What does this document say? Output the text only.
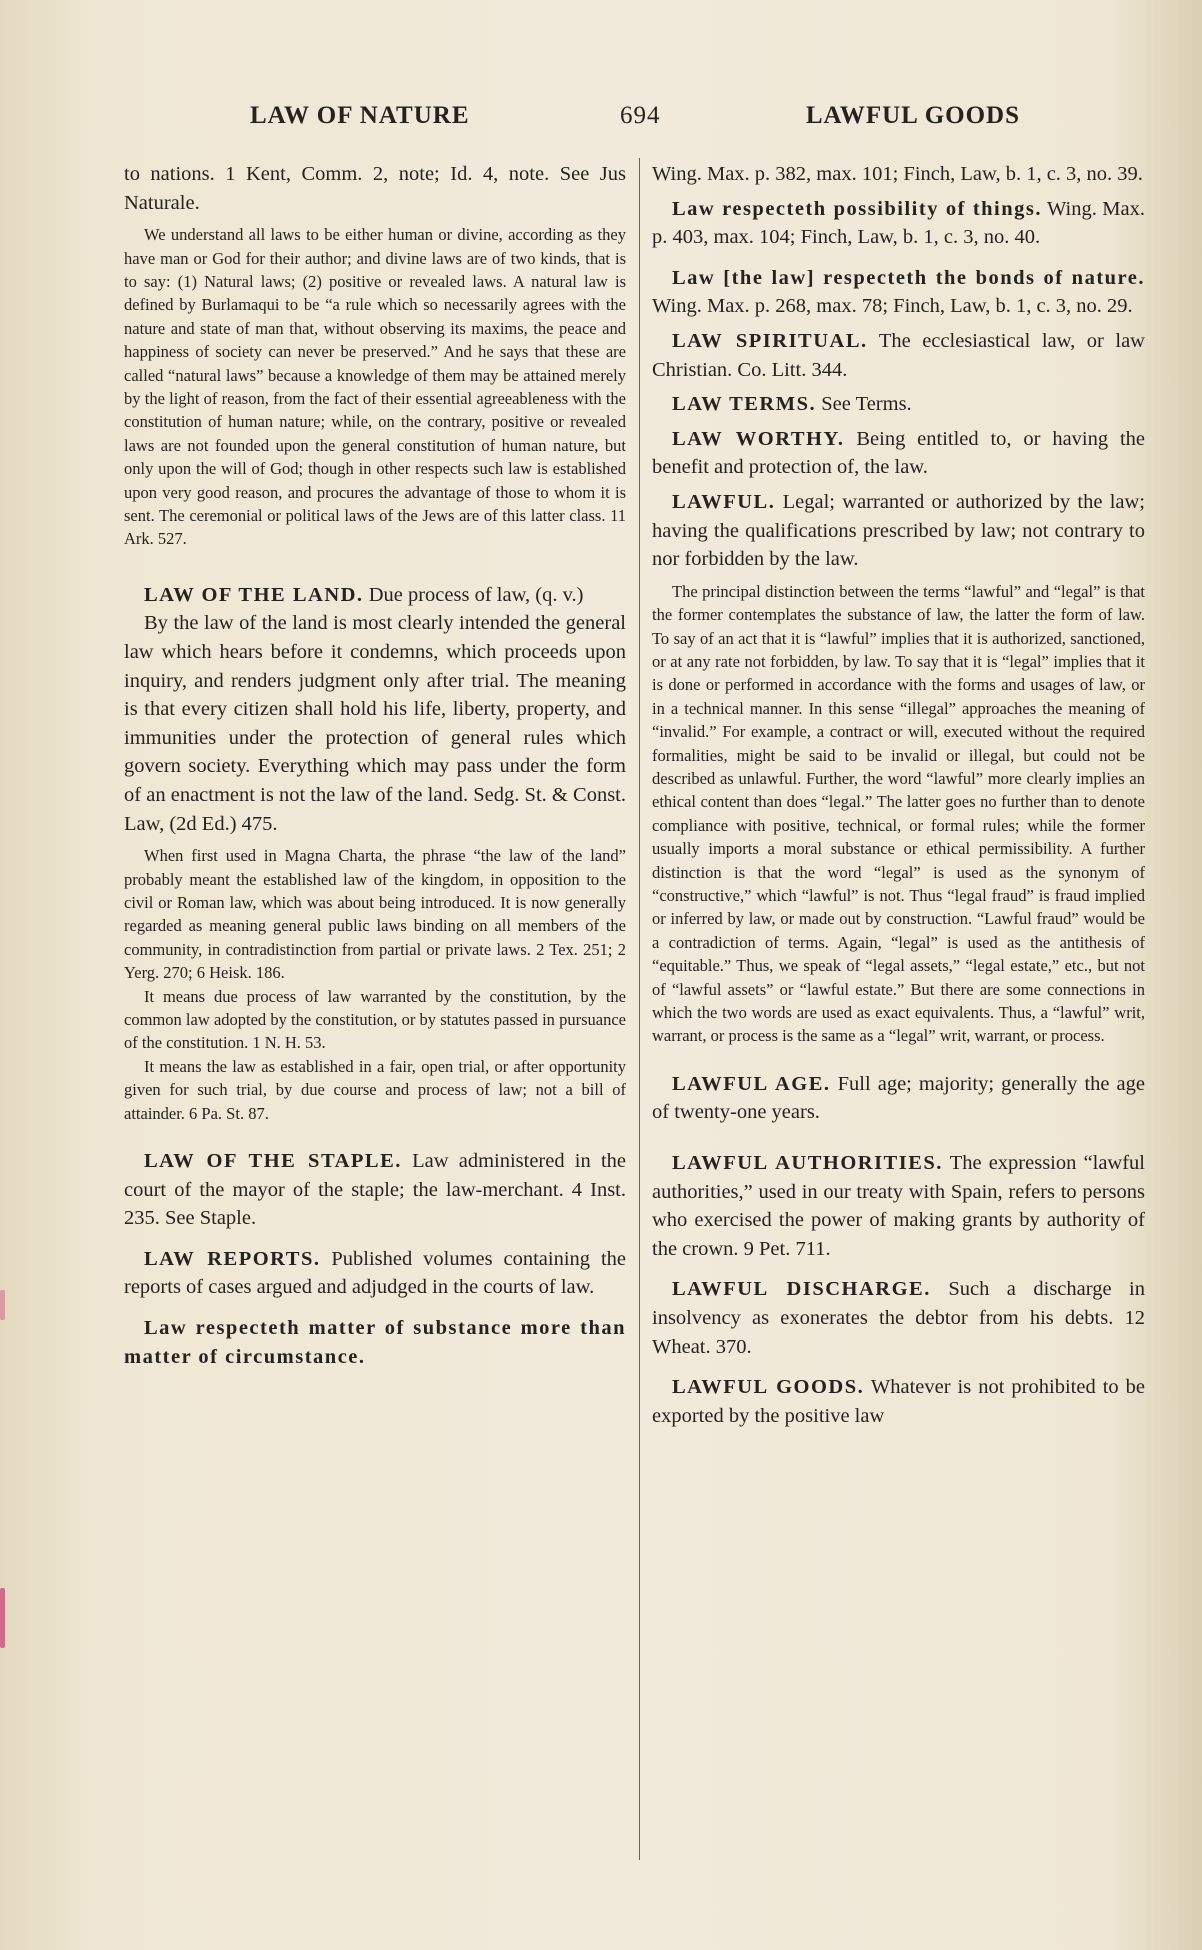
LAW OF NATURE	694	LAWFUL GOODS

to nations. 1 Kent, Comm. 2, note; Id. 4, note. See Jus Naturale.

We understand all laws to be either human or divine, according as they have man or God for their author; and divine laws are of two kinds, that is to say: (1) Natural laws; (2) positive or revealed laws. A natural law is defined by Burlamaqui to be “a rule which so necessarily agrees with the nature and state of man that, without observing its maxims, the peace and happiness of society can never be preserved.” And he says that these are called “natural laws” because a knowledge of them may be attained merely by the light of reason, from the fact of their essential agreeableness with the constitution of human nature; while, on the contrary, positive or revealed laws are not founded upon the general constitution of human nature, but only upon the will of God; though in other respects such law is established upon very good reason, and procures the advantage of those to whom it is sent. The ceremonial or political laws of the Jews are of this latter class. 11 Ark. 527.

LAW OF THE LAND. Due process of law, (q. v.)

By the law of the land is most clearly intended the general law which hears before it condemns, which proceeds upon inquiry, and renders judgment only after trial. The meaning is that every citizen shall hold his life, liberty, property, and immunities under the protection of general rules which govern society. Everything which may pass under the form of an enactment is not the law of the land. Sedg. St. & Const. Law, (2d Ed.) 475.

When first used in Magna Charta, the phrase “the law of the land” probably meant the established law of the kingdom, in opposition to the civil or Roman law, which was about being introduced. It is now generally regarded as meaning general public laws binding on all members of the community, in contradistinction from partial or private laws. 2 Tex. 251; 2 Yerg. 270; 6 Heisk. 186.

It means due process of law warranted by the constitution, by the common law adopted by the constitution, or by statutes passed in pursuance of the constitution. 1 N. H. 53.

It means the law as established in a fair, open trial, or after opportunity given for such trial, by due course and process of law; not a bill of attainder. 6 Pa. St. 87.

LAW OF THE STAPLE. Law administered in the court of the mayor of the staple; the law-merchant. 4 Inst. 235. See Staple.

LAW REPORTS. Published volumes containing the reports of cases argued and adjudged in the courts of law.

Law respecteth matter of substance more than matter of circumstance.

Wing. Max. p. 382, max. 101; Finch, Law, b. 1, c. 3, no. 39.

Law respecteth possibility of things. Wing. Max. p. 403, max. 104; Finch, Law, b. 1, c. 3, no. 40.

Law [the law] respecteth the bonds of nature. Wing. Max. p. 268, max. 78; Finch, Law, b. 1, c. 3, no. 29.

LAW SPIRITUAL. The ecclesiastical law, or law Christian. Co. Litt. 344.

LAW TERMS. See Terms.

LAW WORTHY. Being entitled to, or having the benefit and protection of, the law.

LAWFUL. Legal; warranted or authorized by the law; having the qualifications prescribed by law; not contrary to nor forbidden by the law.

The principal distinction between the terms “lawful” and “legal” is that the former contemplates the substance of law, the latter the form of law. To say of an act that it is “lawful” implies that it is authorized, sanctioned, or at any rate not forbidden, by law. To say that it is “legal” implies that it is done or performed in accordance with the forms and usages of law, or in a technical manner. In this sense “illegal” approaches the meaning of “invalid.” For example, a contract or will, executed without the required formalities, might be said to be invalid or illegal, but could not be described as unlawful. Further, the word “lawful” more clearly implies an ethical content than does “legal.” The latter goes no further than to denote compliance with positive, technical, or formal rules; while the former usually imports a moral substance or ethical permissibility. A further distinction is that the word “legal” is used as the synonym of “constructive,” which “lawful” is not. Thus “legal fraud” is fraud implied or inferred by law, or made out by construction. “Lawful fraud” would be a contradiction of terms. Again, “legal” is used as the antithesis of “equitable.” Thus, we speak of “legal assets,” “legal estate,” etc., but not of “lawful assets” or “lawful estate.” But there are some connections in which the two words are used as exact equivalents. Thus, a “lawful” writ, warrant, or process is the same as a “legal” writ, warrant, or process.

LAWFUL AGE. Full age; majority; generally the age of twenty-one years.

LAWFUL AUTHORITIES. The expression “lawful authorities,” used in our treaty with Spain, refers to persons who exercised the power of making grants by authority of the crown. 9 Pet. 711.

LAWFUL DISCHARGE. Such a discharge in insolvency as exonerates the debtor from his debts. 12 Wheat. 370.

LAWFUL GOODS. Whatever is not prohibited to be exported by the positive law
